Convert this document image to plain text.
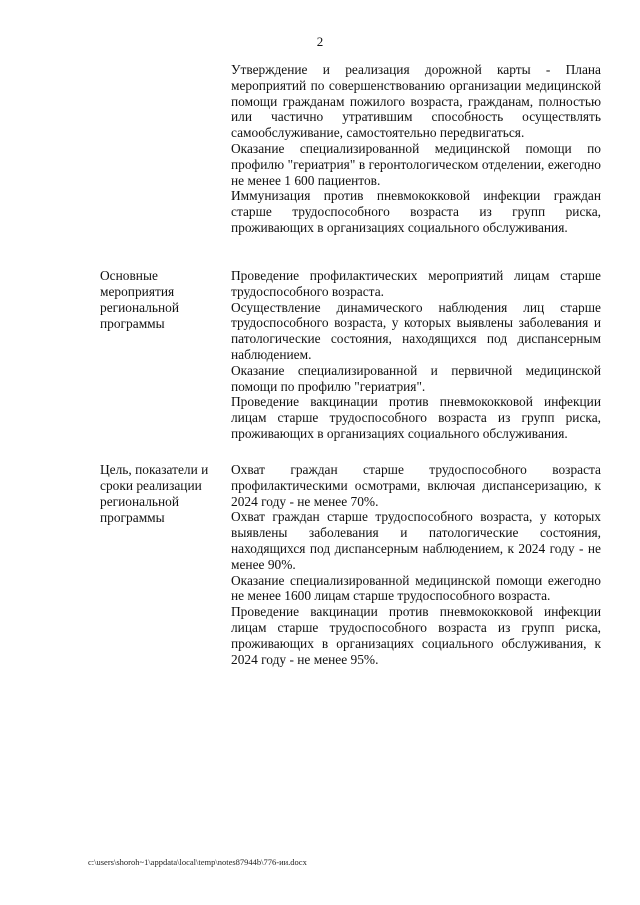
2

Утверждение и реализация дорожной карты - Плана мероприятий по совершенствованию организации медицинской помощи гражданам пожилого возраста, гражданам, полностью или частично утратившим способность осуществлять самообслуживание, самостоятельно передвигаться.

Оказание специализированной медицинской помощи по профилю "гериатрия" в геронтологическом отделении, ежегодно не менее 1 600 пациентов.

Иммунизация против пневмококковой инфекции граждан старше трудоспособного возраста из групп риска, проживающих в организациях социального обслуживания.

Основные мероприятия региональной программы

Проведение профилактических мероприятий лицам старше трудоспособного возраста.

Осуществление динамического наблюдения лиц старше трудоспособного возраста, у которых выявлены заболевания и патологические состояния, находящихся под диспансерным наблюдением.

Оказание специализированной и первичной медицинской помощи по профилю "гериатрия".

Проведение вакцинации против пневмококковой инфекции лицам старше трудоспособного возраста из групп риска, проживающих в организациях социального обслуживания.

Цель, показатели и сроки реализации региональной программы

Охват граждан старше трудоспособного возраста профилактическими осмотрами, включая диспансеризацию, к 2024 году - не менее 70%.

Охват граждан старше трудоспособного возраста, у которых выявлены заболевания и патологические состояния, находящихся под диспансерным наблюдением, к 2024 году - не менее 90%.

Оказание специализированной медицинской помощи ежегодно не менее 1600 лицам старше трудоспособного возраста.

Проведение вакцинации против пневмококковой инфекции лицам старше трудоспособного возраста из групп риска, проживающих в организациях социального обслуживания, к 2024 году - не менее 95%.

c:\users\shoroh~1\appdata\local\temp\notes87944b\776-ии.docx
